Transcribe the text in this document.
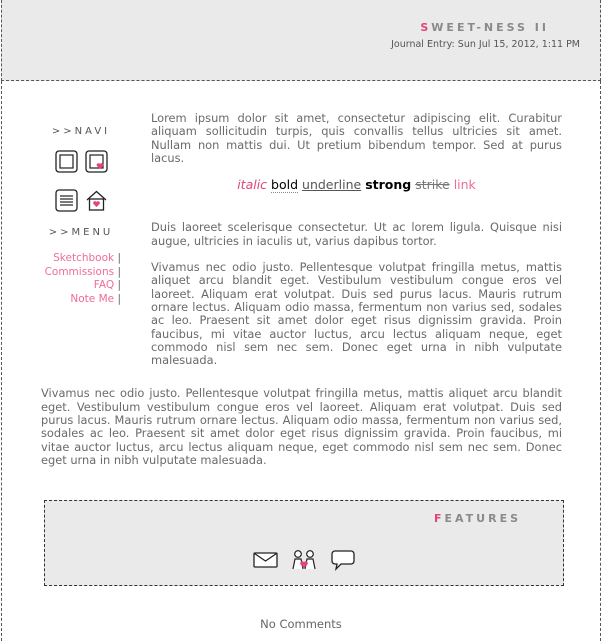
SWEET-NESS II
Journal Entry: Sun Jul 15, 2012, 1:11 PM
>>NAVI
>>MENU
Sketchbook |
Commissions |
FAQ |
Note Me |

Lorem ipsum dolor sit amet, consectetur adipiscing elit. Curabitur aliquam sollicitudin turpis, quis convallis tellus ultricies sit amet. Nullam non mattis dui. Ut pretium bibendum tempor. Sed at purus lacus.

italic bold underline strong strike link

Duis laoreet scelerisque consectetur. Ut ac lorem ligula. Quisque nisi augue, ultricies in iaculis ut, varius dapibus tortor.

Vivamus nec odio justo. Pellentesque volutpat fringilla metus, mattis aliquet arcu blandit eget. Vestibulum vestibulum congue eros vel laoreet. Aliquam erat volutpat. Duis sed purus lacus. Mauris rutrum ornare lectus. Aliquam odio massa, fermentum non varius sed, sodales ac leo. Praesent sit amet dolor eget risus dignissim gravida. Proin faucibus, mi vitae auctor luctus, arcu lectus aliquam neque, eget commodo nisl sem nec sem. Donec eget urna in nibh vulputate malesuada.

Vivamus nec odio justo. Pellentesque volutpat fringilla metus, mattis aliquet arcu blandit eget. Vestibulum vestibulum congue eros vel laoreet. Aliquam erat volutpat. Duis sed purus lacus. Mauris rutrum ornare lectus. Aliquam odio massa, fermentum non varius sed, sodales ac leo. Praesent sit amet dolor eget risus dignissim gravida. Proin faucibus, mi vitae auctor luctus, arcu lectus aliquam neque, eget commodo nisl sem nec sem. Donec eget urna in nibh vulputate malesuada.

FEATURES
No Comments
